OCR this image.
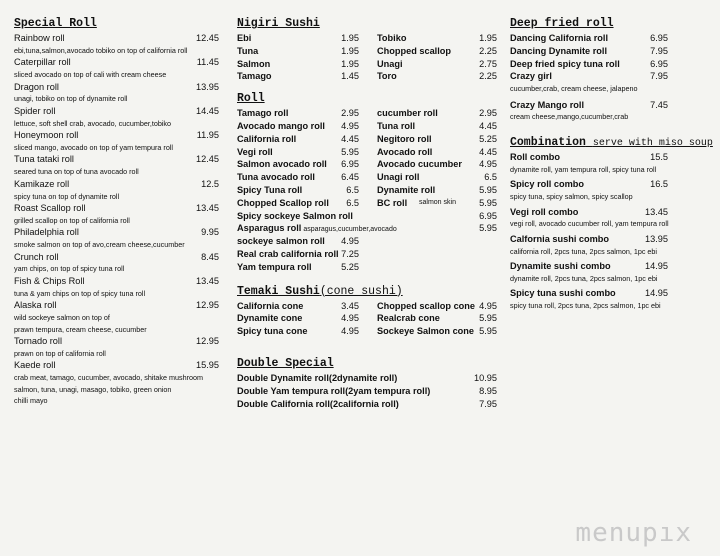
Special Roll
Rainbow roll	12.45
ebi,tuna,salmon,avocado tobiko on top of california roll
Caterpillar roll	11.45
sliced avocado on top of cali with cream cheese
Dragon roll	13.95
unagi, tobiko on top of dynamite roll
Spider roll	14.45
lettuce, soft shell crab, avocado, cucumber,tobiko
Honeymoon roll	11.95
sliced mango, avocado on top of yam tempura roll
Tuna tataki roll	12.45
seared tuna on top of tuna avocado roll
Kamikaze roll	12.5
spicy tuna on top of dynamite roll
Roast Scallop roll	13.45
grilled scallop on top of california roll
Philadelphia roll	9.95
smoke salmon on top of avo,cream cheese,cucumber
Crunch roll	8.45
yam chips, on top of spicy tuna roll
Fish & Chips Roll	13.45
tuna & yam chips on top of spicy tuna roll
Alaska roll	12.95
wild sockeye salmon on top of
prawn tempura, cream cheese, cucumber
Tornado roll	12.95
prawn on top of california roll
Kaede roll	15.95
crab meat, tamago, cucumber, avocado, shitake mushroom
salmon, tuna, unagi, masago, tobiko, green onion
chilli mayo
Nigiri Sushi
Ebi	1.95 Tobiko	1.95
Tuna	1.95 Chopped scallop	2.25
Salmon	1.95 Unagi	2.75
Tamago	1.45 Toro	2.25
Roll
Tamago roll	2.95 cucumber roll	2.95
Avocado mango roll	4.95 Tuna roll	4.45
California roll	4.45 Negitoro roll	5.25
Vegi roll	5.95 Avocado roll	4.45
Salmon avocado roll	6.95 Avocado cucumber	4.95
Tuna avocado roll	6.45 Unagi roll	6.5
Spicy Tuna roll	6.5 Dynamite roll	5.95
Chopped Scallop roll	6.5 BC roll salmon skin	5.95
Spicy sockeye Salmon roll	6.95
Asparagus roll asparagus,cucumber,avocado	5.95
sockeye salmon roll	4.95
Real crab california roll 7.25
Yam tempura roll	5.25
Temaki Sushi(cone sushi)
California cone	3.45 Chopped scallop cone 4.95
Dynamite cone	4.95 Realcrab cone	5.95
Spicy tuna cone	4.95 Sockeye Salmon cone 5.95
Double Special
Double Dynamite roll(2dynamite roll)	10.95
Double Yam tempura roll(2yam tempura roll)	8.95
Double California roll(2california roll)	7.95
Deep fried roll
Dancing California roll	6.95
Dancing Dynamite roll	7.95
Deep fried spicy tuna roll	6.95
Crazy girl	7.95
cucumber,crab, cream cheese, jalapeno
Crazy Mango roll	7.45
cream cheese,mango,cucumber,crab
Combination serve with miso soup
Roll combo	15.5
dynamite roll, yam tempura roll, spicy tuna roll
Spicy roll combo	16.5
spicy tuna, spicy salmon, spicy scallop
Vegi roll combo	13.45
vegi roll, avocado cucumber roll, yam tempura roll
Calfornia sushi combo	13.95
california roll, 2pcs tuna, 2pcs salmon, 1pc ebi
Dynamite sushi combo	14.95
dynamite roll, 2pcs tuna, 2pcs salmon, 1pc ebi
Spicy tuna sushi combo	14.95
spicy tuna roll, 2pcs tuna, 2pcs salmon, 1pc ebi
menupıx
